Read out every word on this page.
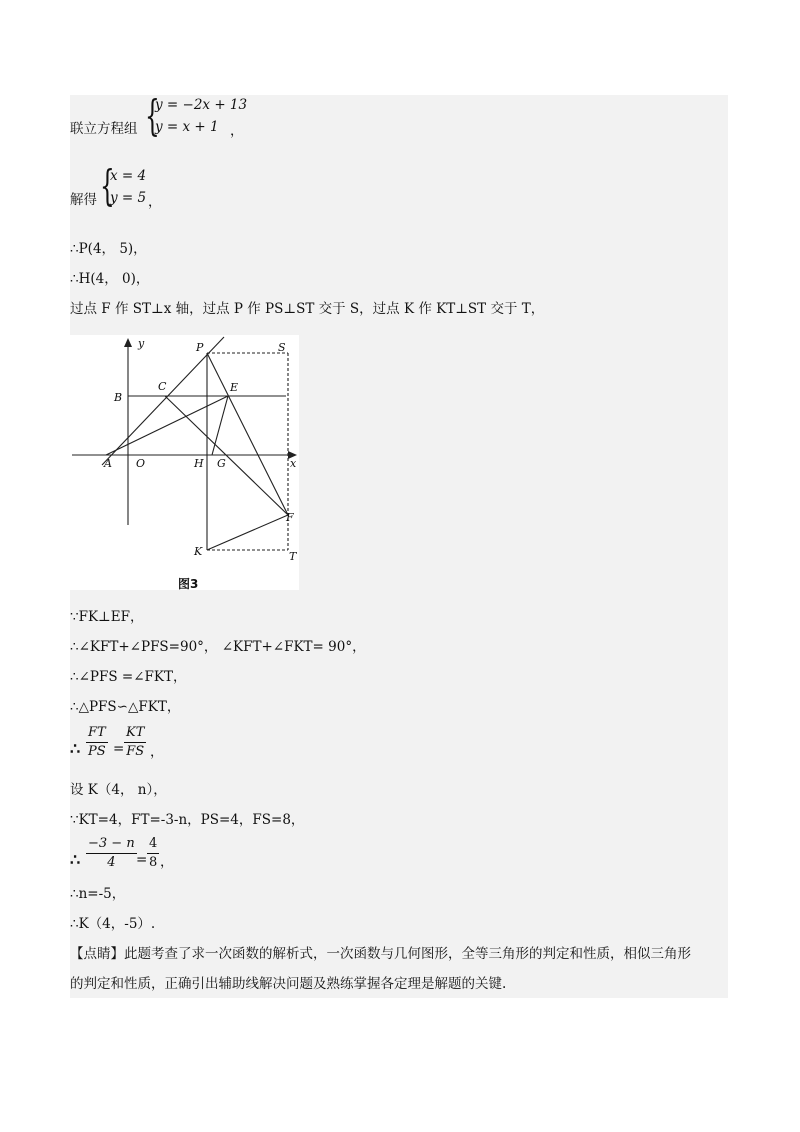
联立方程组 {
y = −2x + 13
y = x + 1 ，
解得 {
x = 4
y = 5 ，
∴P(4， 5)，
∴H(4， 0)，
过点 F 作 ST⊥x 轴，过点 P 作 PS⊥ST 交于 S，过点 K 作 KT⊥ST 交于 T，
y
x
P	S
B
C	E
A O	H G
F
K	T
图3
∵FK⊥EF，
∴∠KFT+∠PFS=90°， ∠KFT+∠FKT= 90°，
∴∠PFS =∠FKT，
∴△PFS∽△FKT，
∴
FT
PS =
KT
FS ，
设 K（4， n），
∵KT=4，FT=-3-n，PS=4，FS=8，
∴
−3 − n
4 =
4
8 ，
∴n=-5，
∴K（4，-5）.
【点睛】此题考查了求一次函数的解析式，一次函数与几何图形，全等三角形的判定和性质，相似三角形
的判定和性质，正确引出辅助线解决问题及熟练掌握各定理是解题的关键.
